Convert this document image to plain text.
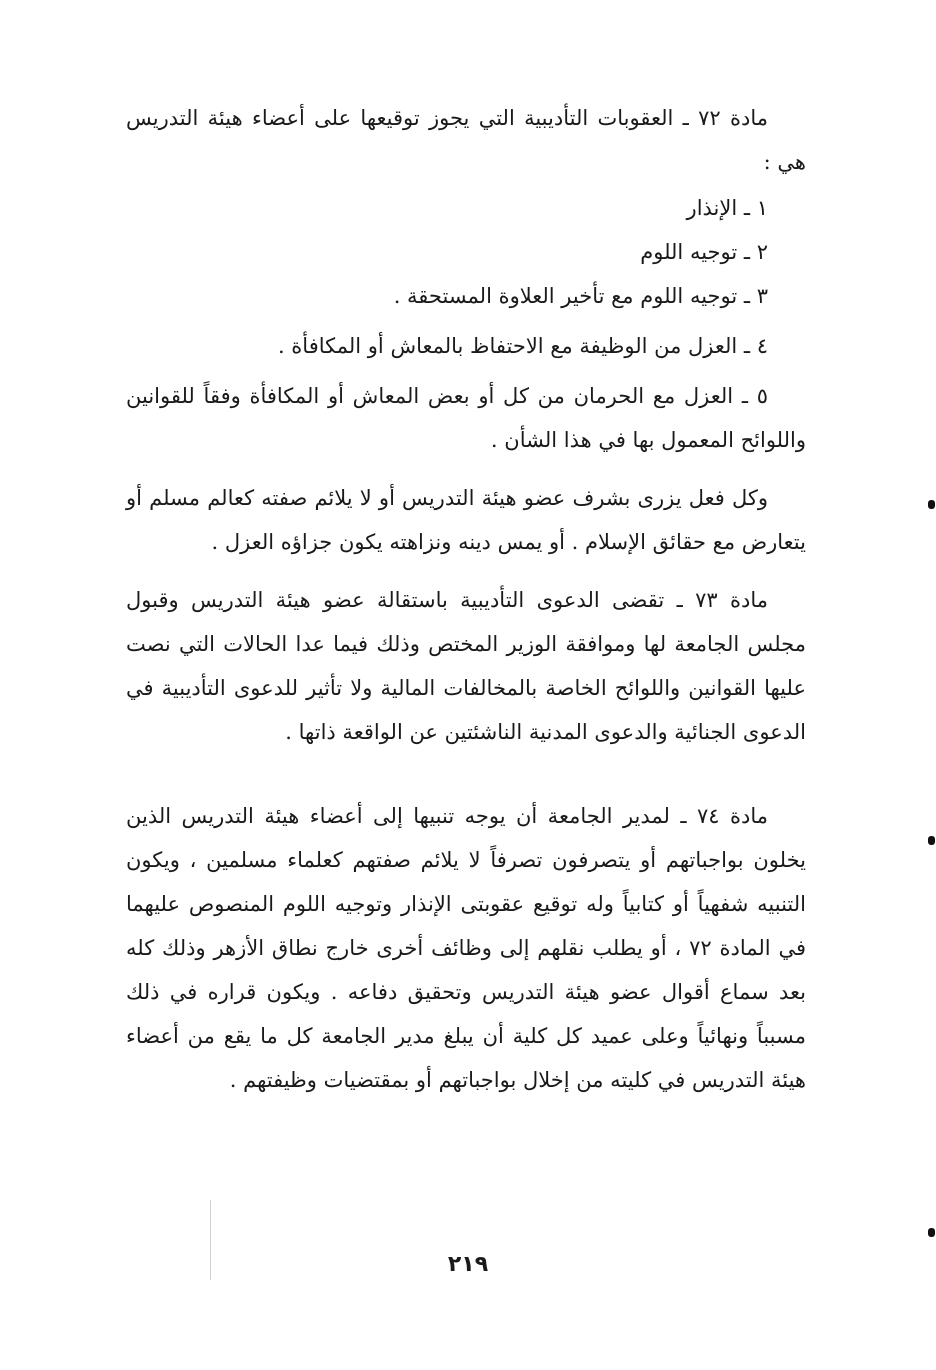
مادة ٧٢ ـ العقوبات التأديبية التي يجوز توقيعها على أعضاء هيئة التدريس هي :

١ ـ الإنذار
٢ ـ توجيه اللوم
٣ ـ توجيه اللوم مع تأخير العلاوة المستحقة .
٤ ـ العزل من الوظيفة مع الاحتفاظ بالمعاش أو المكافأة .

٥ ـ العزل مع الحرمان من كل أو بعض المعاش أو المكافأة وفقاً للقوانين واللوائح المعمول بها في هذا الشأن .

وكل فعل يزرى بشرف عضو هيئة التدريس أو لا يلائم صفته كعالم مسلم أو يتعارض مع حقائق الإسلام . أو يمس دينه ونزاهته يكون جزاؤه العزل .

مادة ٧٣ ـ تقضى الدعوى التأديبية باستقالة عضو هيئة التدريس وقبول مجلس الجامعة لها وموافقة الوزير المختص وذلك فيما عدا الحالات التي نصت عليها القوانين واللوائح الخاصة بالمخالفات المالية ولا تأثير للدعوى التأديبية في الدعوى الجنائية والدعوى المدنية الناشئتين عن الواقعة ذاتها .

مادة ٧٤ ـ لمدير الجامعة أن يوجه تنبيها إلى أعضاء هيئة التدريس الذين يخلون بواجباتهم أو يتصرفون تصرفاً لا يلائم صفتهم كعلماء مسلمين ، ويكون التنبيه شفهياً أو كتابياً وله توقيع عقوبتى الإنذار وتوجيه اللوم المنصوص عليهما في المادة ٧٢ ، أو يطلب نقلهم إلى وظائف أخرى خارج نطاق الأزهر وذلك كله بعد سماع أقوال عضو هيئة التدريس وتحقيق دفاعه . ويكون قراره في ذلك مسبباً ونهائياً وعلى عميد كل كلية أن يبلغ مدير الجامعة كل ما يقع من أعضاء هيئة التدريس في كليته من إخلال بواجباتهم أو بمقتضيات وظيفتهم .

٢١٩
